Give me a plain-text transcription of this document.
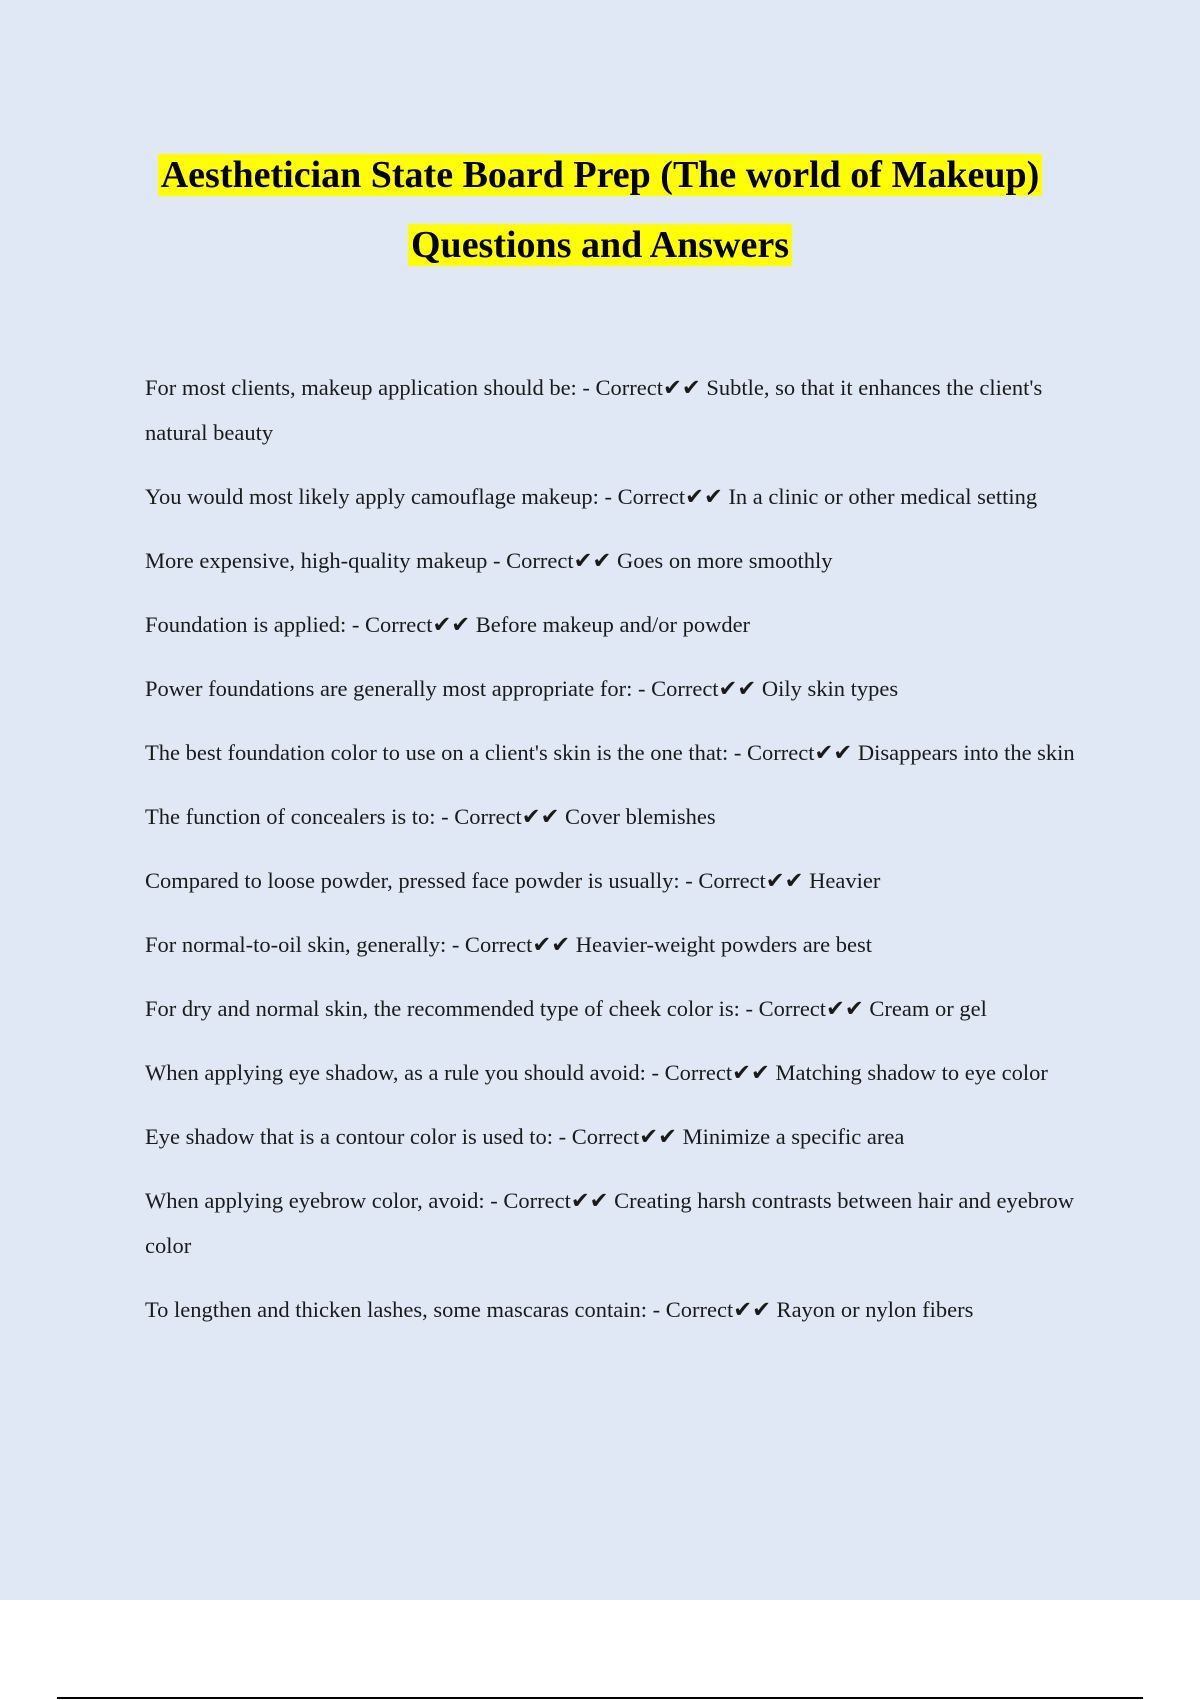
Aesthetician State Board Prep (The world of Makeup)
Questions and Answers

For most clients, makeup application should be: - Correct✔✔ Subtle, so that it enhances the client's natural beauty

You would most likely apply camouflage makeup: - Correct✔✔ In a clinic or other medical setting

More expensive, high-quality makeup - Correct✔✔ Goes on more smoothly

Foundation is applied: - Correct✔✔ Before makeup and/or powder

Power foundations are generally most appropriate for: - Correct✔✔ Oily skin types

The best foundation color to use on a client's skin is the one that: - Correct✔✔ Disappears into the skin

The function of concealers is to: - Correct✔✔ Cover blemishes

Compared to loose powder, pressed face powder is usually: - Correct✔✔ Heavier

For normal-to-oil skin, generally: - Correct✔✔ Heavier-weight powders are best

For dry and normal skin, the recommended type of cheek color is: - Correct✔✔ Cream or gel

When applying eye shadow, as a rule you should avoid: - Correct✔✔ Matching shadow to eye color

Eye shadow that is a contour color is used to: - Correct✔✔ Minimize a specific area

When applying eyebrow color, avoid: - Correct✔✔ Creating harsh contrasts between hair and eyebrow color

To lengthen and thicken lashes, some mascaras contain: - Correct✔✔ Rayon or nylon fibers
